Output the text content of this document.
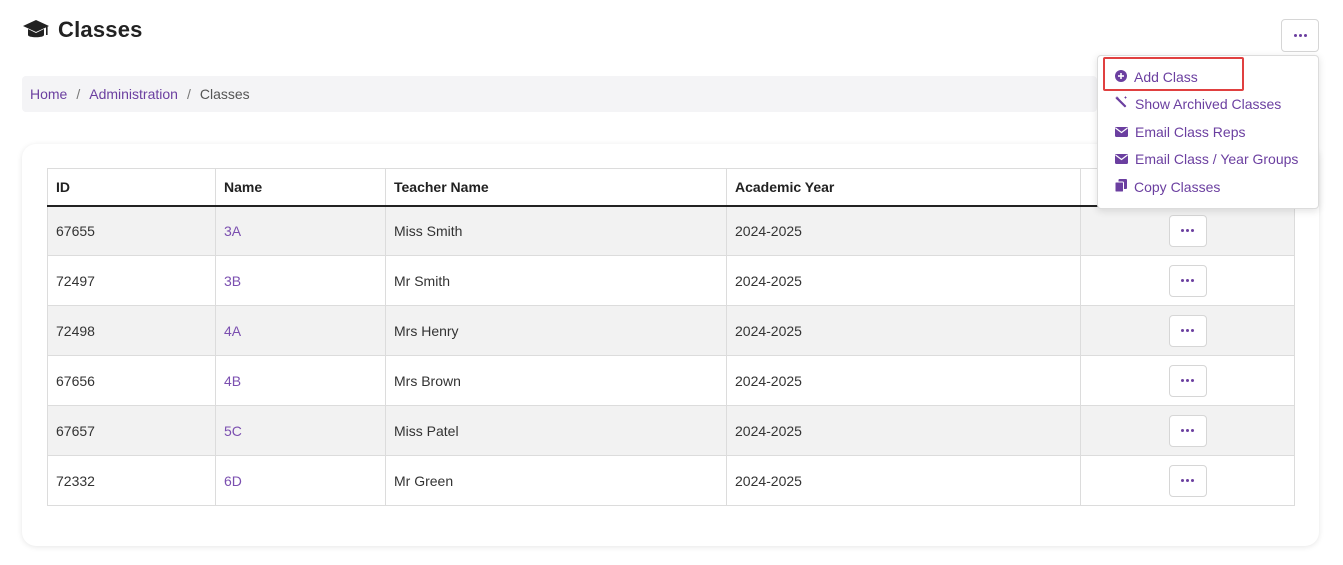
Classes
Home / Administration / Classes
ID	Name	Teacher Name	Academic Year	
67655	3A	Miss Smith	2024-2025	

72497	3B	Mr Smith	2024-2025	

72498	4A	Mrs Henry	2024-2025	

67656	4B	Mrs Brown	2024-2025	

67657	5C	Miss Patel	2024-2025	

72332	6D	Mr Green	2024-2025	
Add Class
Show Archived Classes
Email Class Reps
Email Class / Year Groups
Copy Classes
